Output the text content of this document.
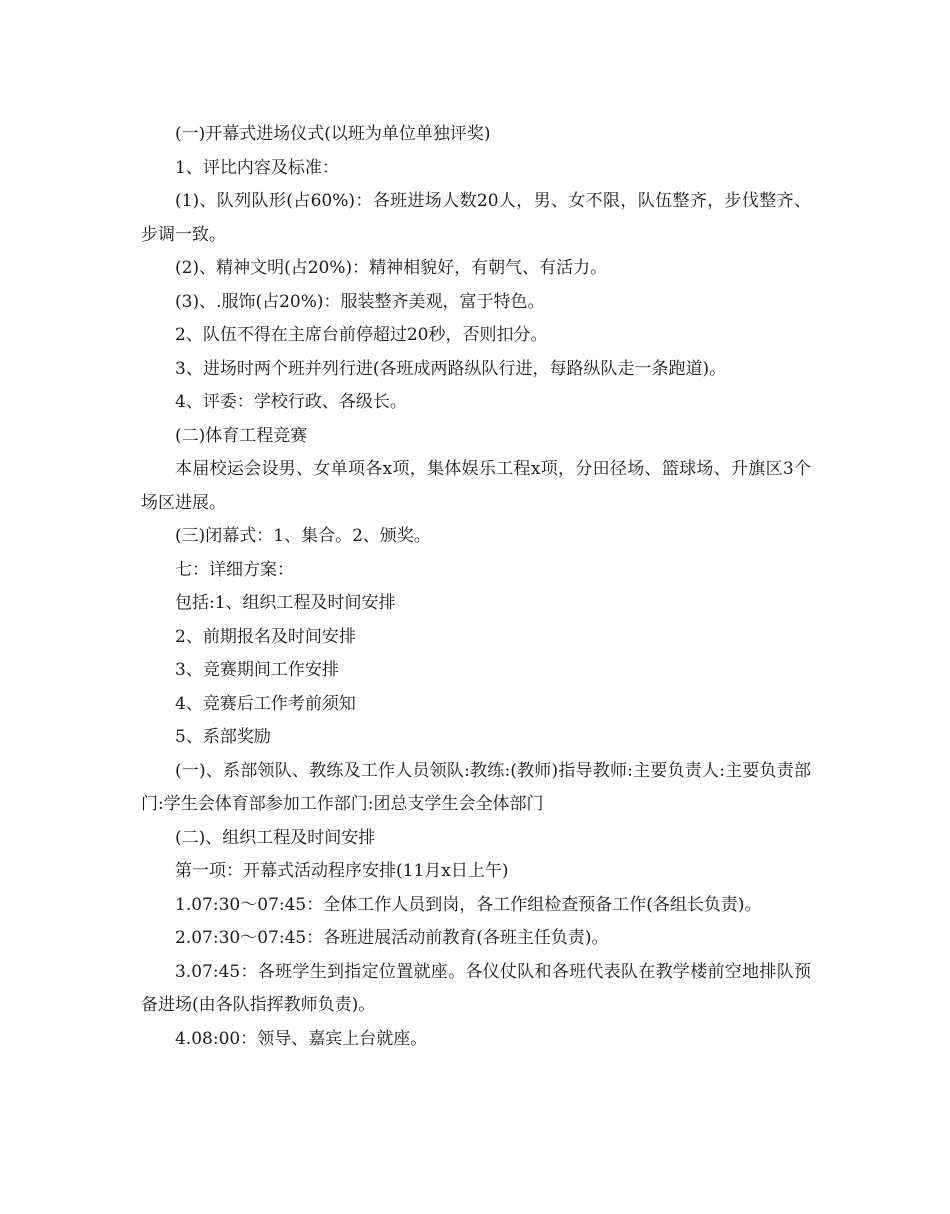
(一)开幕式进场仪式(以班为单位单独评奖)

1、评比内容及标准：

(1)、队列队形(占60%)：各班进场人数20人，男、女不限，队伍整齐，步伐整齐、步调一致。

(2)、精神文明(占20%)：精神相貌好，有朝气、有活力。

(3)、.服饰(占20%)：服装整齐美观，富于特色。

2、队伍不得在主席台前停超过20秒，否则扣分。

3、进场时两个班并列行进(各班成两路纵队行进，每路纵队走一条跑道)。

4、评委：学校行政、各级长。

(二)体育工程竞赛

本届校运会设男、女单项各x项，集体娱乐工程x项，分田径场、篮球场、升旗区3个场区进展。

(三)闭幕式：1、集合。2、颁奖。

七：详细方案：

包括:1、组织工程及时间安排

2、前期报名及时间安排

3、竞赛期间工作安排

4、竞赛后工作考前须知

5、系部奖励

(一)、系部领队、教练及工作人员领队:教练:(教师)指导教师:主要负责人:主要负责部门:学生会体育部参加工作部门:团总支学生会全体部门

(二)、组织工程及时间安排

第一项：开幕式活动程序安排(11月x日上午)

1.07:30～07:45：全体工作人员到岗，各工作组检查预备工作(各组长负责)。

2.07:30～07:45：各班进展活动前教育(各班主任负责)。

3.07:45：各班学生到指定位置就座。各仪仗队和各班代表队在教学楼前空地排队预备进场(由各队指挥教师负责)。

4.08:00：领导、嘉宾上台就座。
